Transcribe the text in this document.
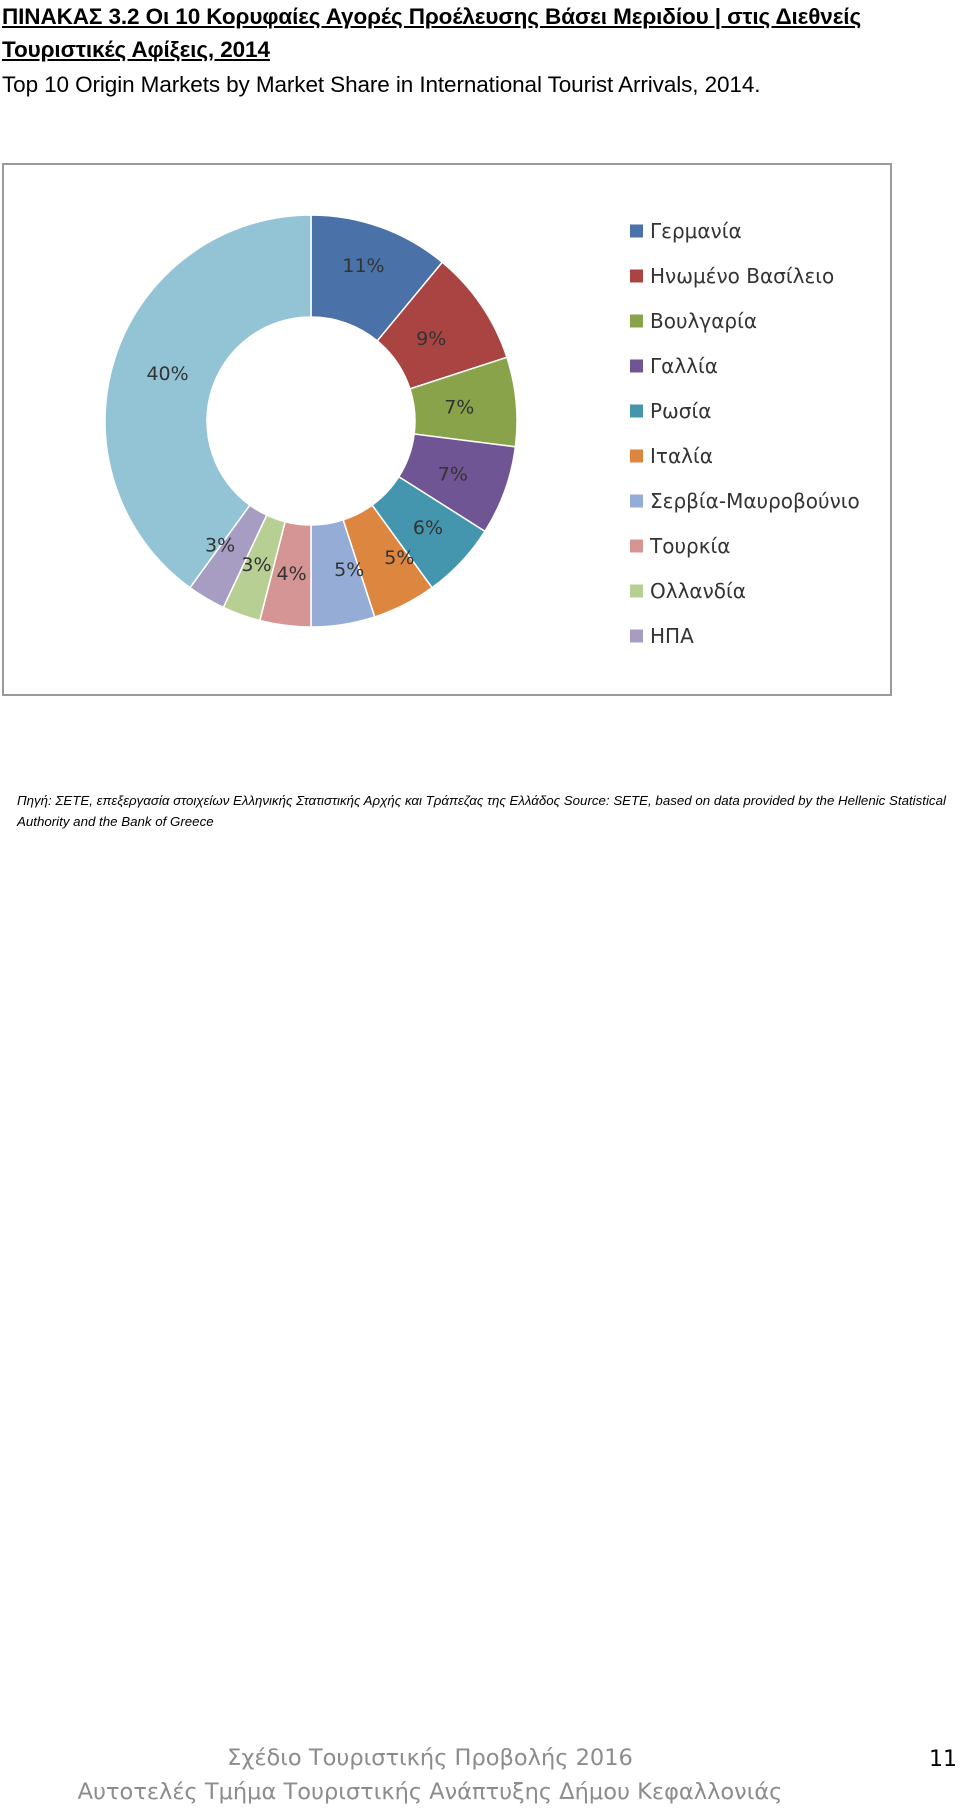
ΠΙΝΑΚΑΣ 3.2 Οι 10 Κορυφαίες Αγορές Προέλευσης Βάσει Μεριδίου | στις Διεθνείς
Τουριστικές Αφίξεις, 2014
Top 10 Origin Markets by Market Share in International Tourist Arrivals, 2014.
11%
9%
7%
7%
6%
5%
5%
4%
3%
3%
40%
Γερμανία
Ηνωμένο Βασίλειο
Βουλγαρία
Γαλλία
Ρωσία
Ιταλία
Σερβία-Μαυροβούνιο
Τουρκία
Ολλανδία
ΗΠΑ
Πηγή: ΣΕΤΕ, επεξεργασία στοιχείων Ελληνικής Στατιστικής Αρχής και Τράπεζας της Ελλάδος Source: SETE, based on data provided by the Hellenic Statistical Authority and the Bank of Greece
Σχέδιο Τουριστικής Προβολής 2016
Αυτοτελές Τμήμα Τουριστικής Ανάπτυξης Δήμου Κεφαλλονιάς
11
